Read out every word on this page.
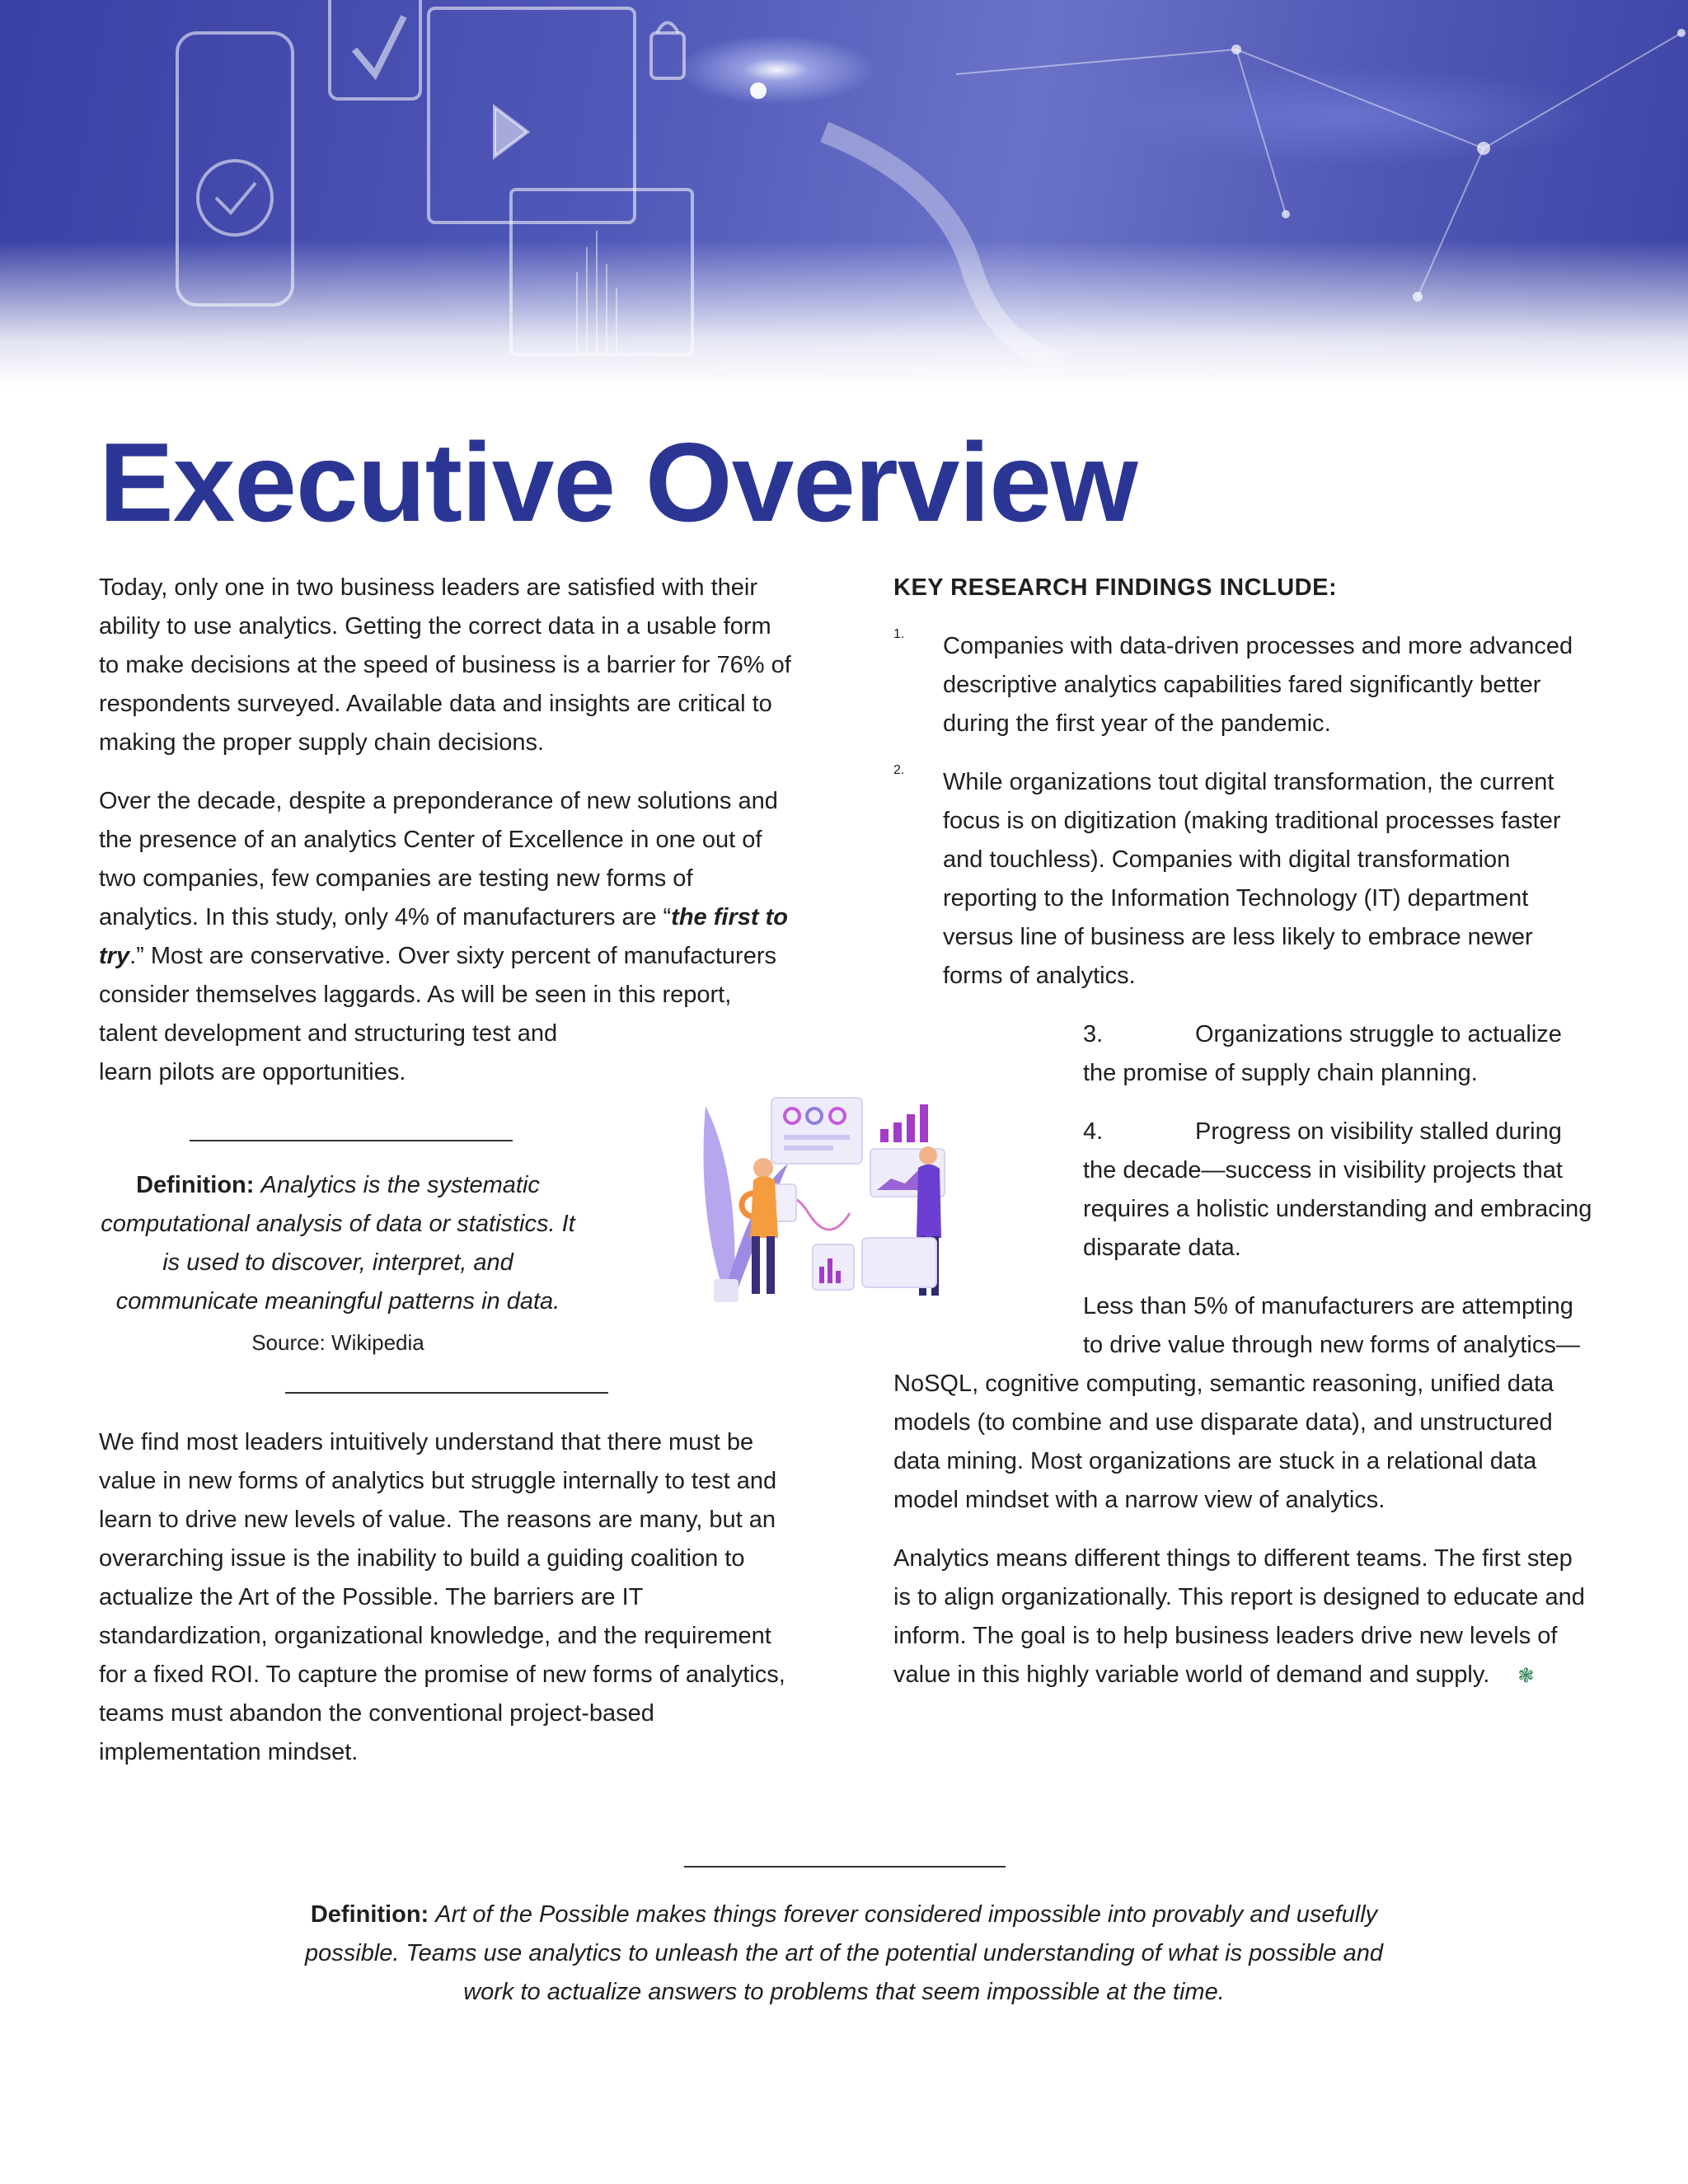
Executive Overview

Today, only one in two business leaders are satisfied with their ability to use analytics. Getting the correct data in a usable form to make decisions at the speed of business is a barrier for 76% of respondents surveyed. Available data and insights are critical to making the proper supply chain decisions.

Over the decade, despite a preponderance of new solutions and the presence of an analytics Center of Excellence in one out of two companies, few companies are testing new forms of analytics. In this study, only 4% of manufacturers are “the first to try.” Most are conservative. Over sixty percent of manufacturers consider themselves laggards. As will be seen in this report, talent development and structuring test and

learn pilots are opportunities.

Definition: Analytics is the systematic computational analysis of data or statistics. It is used to discover, interpret, and communicate meaningful patterns in data.
Source: Wikipedia

We find most leaders intuitively understand that there must be value in new forms of analytics but struggle internally to test and learn to drive new levels of value. The reasons are many, but an overarching issue is the inability to build a guiding coalition to actualize the Art of the Possible. The barriers are IT standardization, organizational knowledge, and the requirement for a fixed ROI. To capture the promise of new forms of analytics, teams must abandon the conventional project-based implementation mindset.

KEY RESEARCH FINDINGS INCLUDE:
1. Companies with data-driven processes and more advanced descriptive analytics capabilities fared significantly better during the first year of the pandemic.

2. While organizations tout digital transformation, the current focus is on digitization (making traditional processes faster and touchless). Companies with digital transformation reporting to the Information Technology (IT) department versus line of business are less likely to embrace newer forms of analytics.

3.	Organizations struggle to actualize

the promise of supply chain planning.

4.	Progress on visibility stalled during

the decade—success in visibility projects that requires a holistic understanding and embracing disparate data.

Less than 5% of manufacturers are attempting to drive value through new forms of analytics—

NoSQL, cognitive computing, semantic reasoning, unified data models (to combine and use disparate data), and unstructured data mining. Most organizations are stuck in a relational data model mindset with a narrow view of analytics.

Analytics means different things to different teams. The first step is to align organizationally. This report is designed to educate and inform. The goal is to help business leaders drive new levels of value in this highly variable world of demand and supply. ❃

Definition: Art of the Possible makes things forever considered impossible into provably and usefully possible. Teams use analytics to unleash the art of the potential understanding of what is possible and work to actualize answers to problems that seem impossible at the time.
